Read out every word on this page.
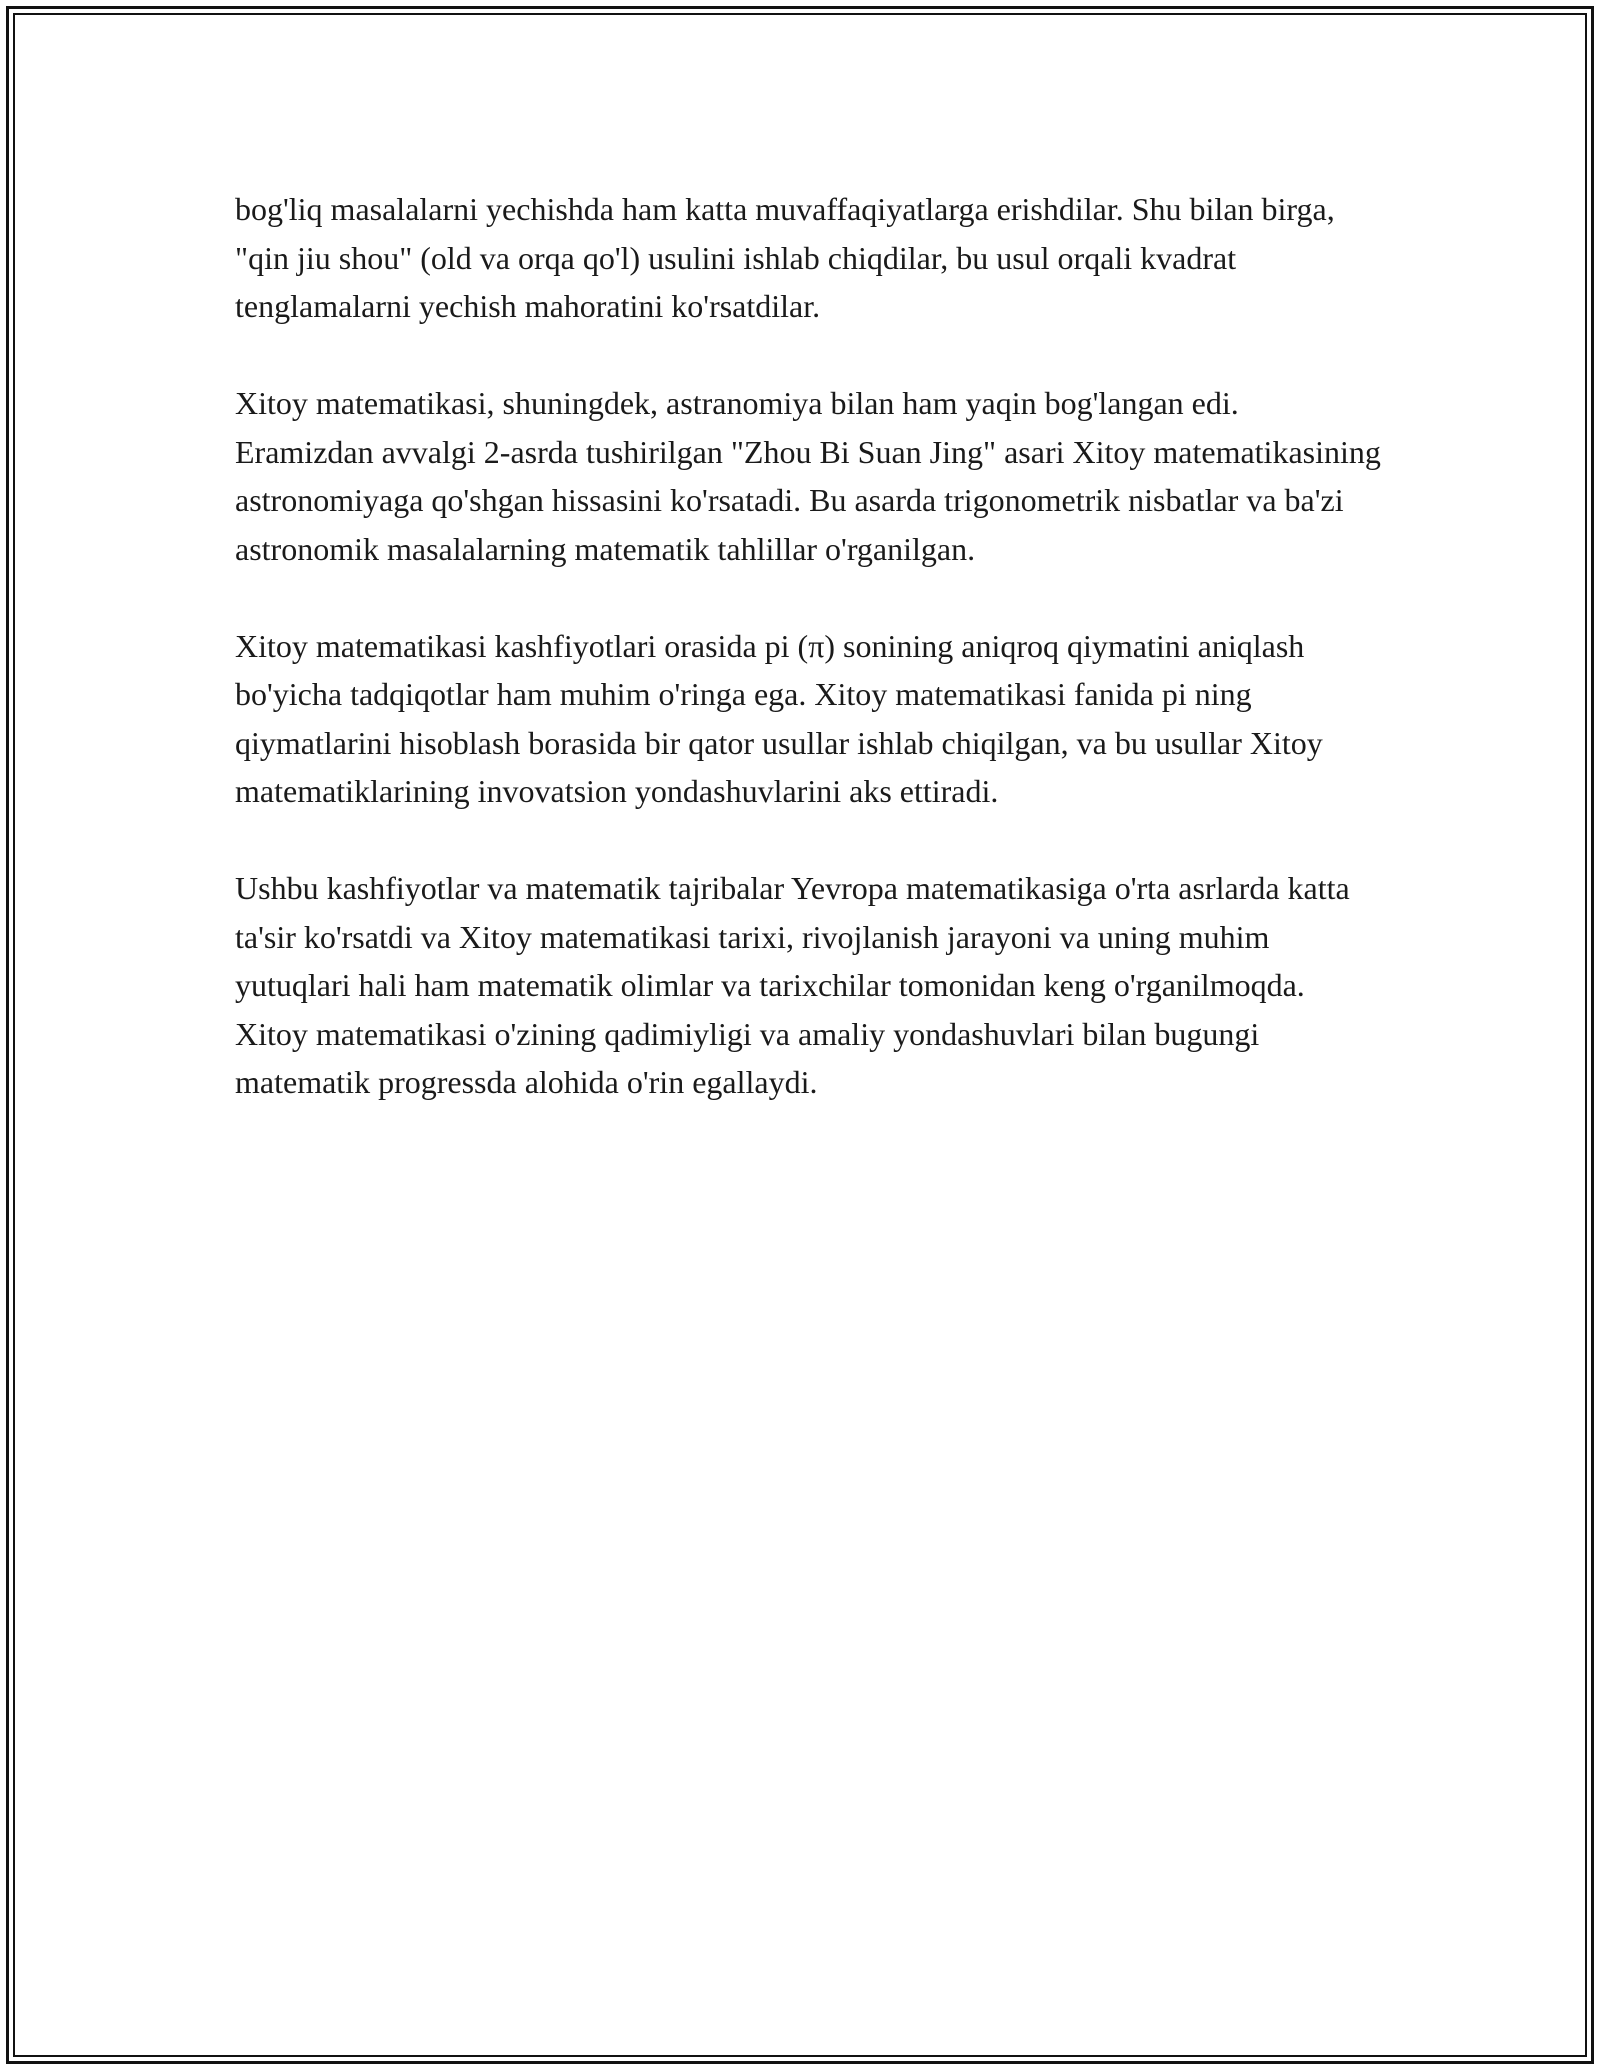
bog'liq masalalarni yechishda ham katta muvaffaqiyatlarga erishdilar. Shu bilan birga, "qin jiu shou" (old va orqa qo'l) usulini ishlab chiqdilar, bu usul orqali kvadrat tenglamalarni yechish mahoratini ko'rsatdilar.

Xitoy matematikasi, shuningdek, astranomiya bilan ham yaqin bog'langan edi. Eramizdan avvalgi 2-asrda tushirilgan "Zhou Bi Suan Jing" asari Xitoy matematikasining astronomiyaga qo'shgan hissasini ko'rsatadi. Bu asarda trigonometrik nisbatlar va ba'zi astronomik masalalarning matematik tahlillar o'rganilgan.

Xitoy matematikasi kashfiyotlari orasida pi (π) sonining aniqroq qiymatini aniqlash bo'yicha tadqiqotlar ham muhim o'ringa ega. Xitoy matematikasi fanida pi ning qiymatlarini hisoblash borasida bir qator usullar ishlab chiqilgan, va bu usullar Xitoy matematiklarining invovatsion yondashuvlarini aks ettiradi.

Ushbu kashfiyotlar va matematik tajribalar Yevropa matematikasiga o'rta asrlarda katta ta'sir ko'rsatdi va Xitoy matematikasi tarixi, rivojlanish jarayoni va uning muhim yutuqlari hali ham matematik olimlar va tarixchilar tomonidan keng o'rganilmoqda. Xitoy matematikasi o'zining qadimiyligi va amaliy yondashuvlari bilan bugungi matematik progressda alohida o'rin egallaydi.
